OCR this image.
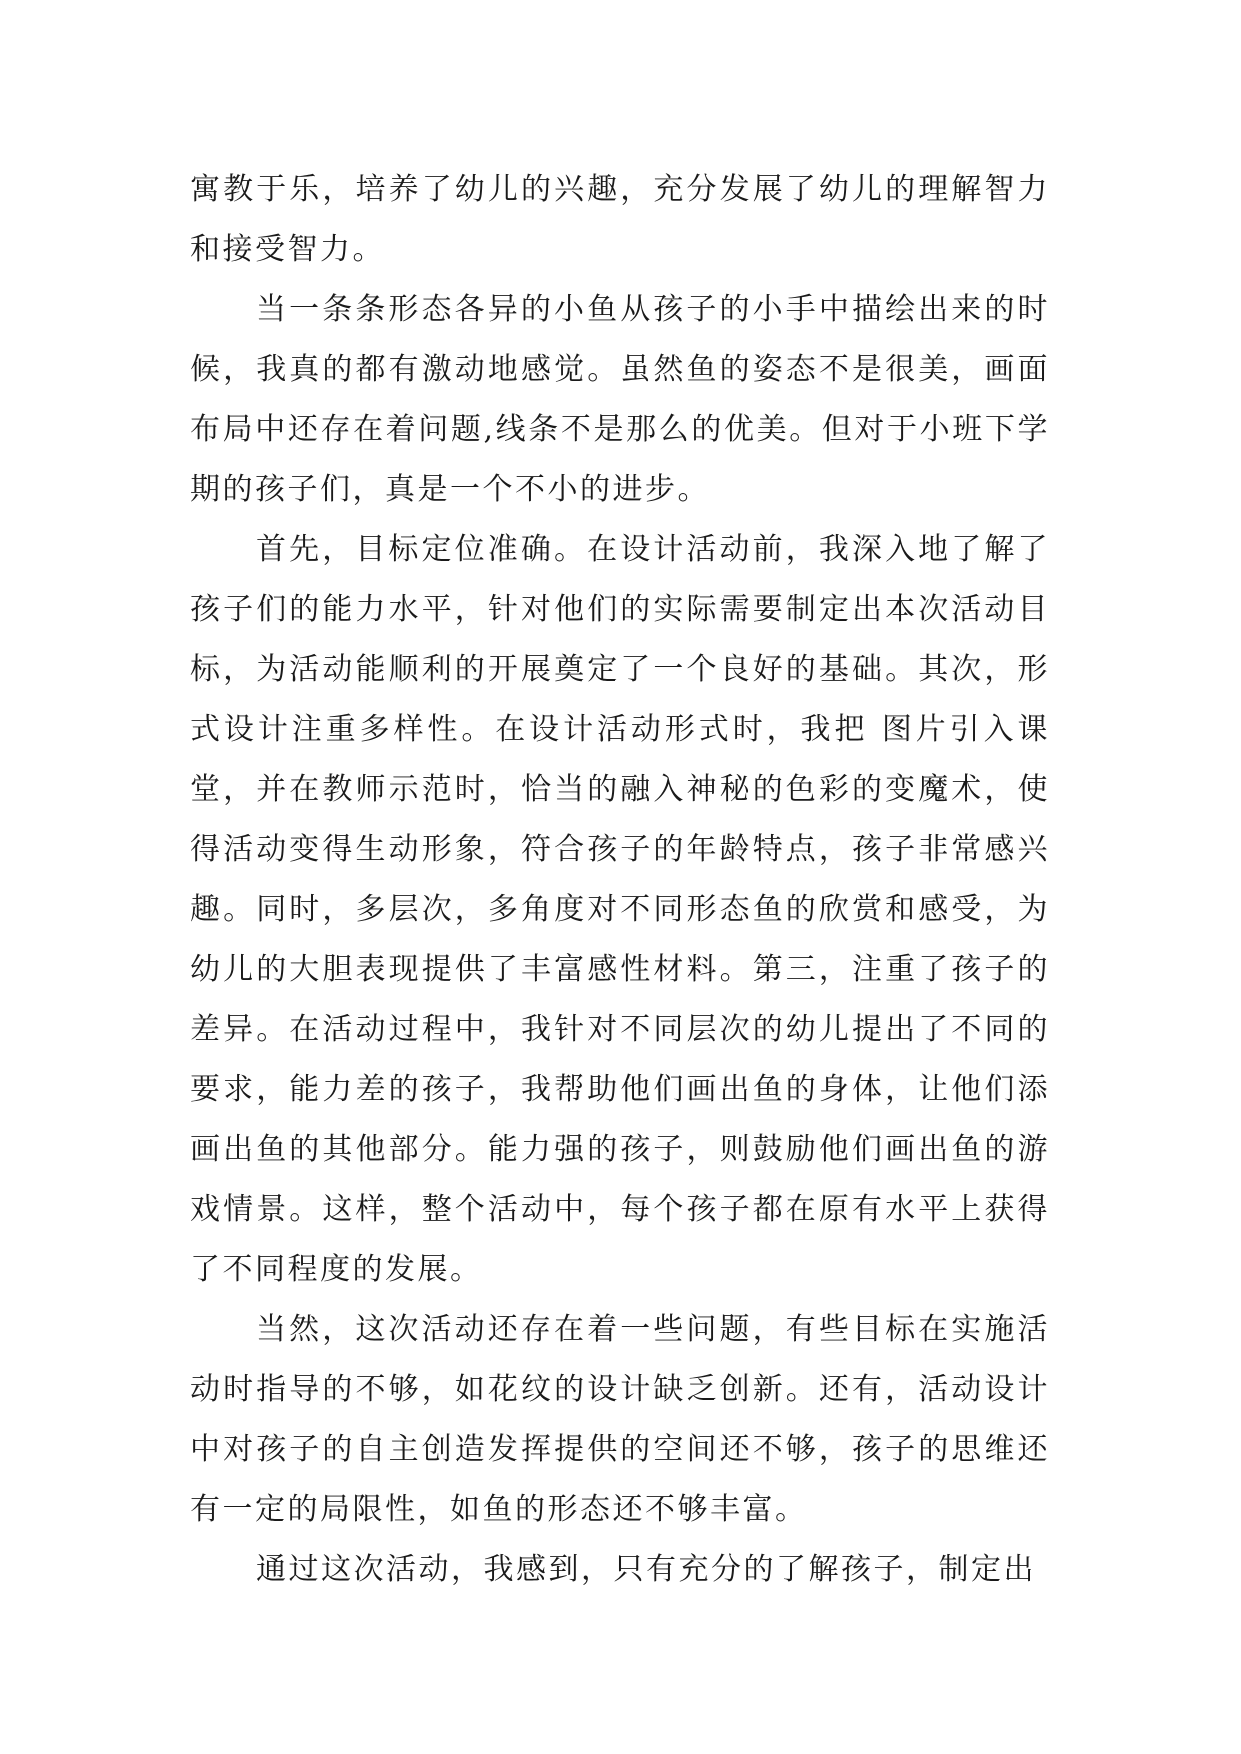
寓教于乐，培养了幼儿的兴趣，充分发展了幼儿的理解智力和接受智力。

当一条条形态各异的小鱼从孩子的小手中描绘出来的时候，我真的都有激动地感觉。虽然鱼的姿态不是很美，画面布局中还存在着问题,线条不是那么的优美。但对于小班下学期的孩子们，真是一个不小的进步。

首先，目标定位准确。在设计活动前，我深入地了解了孩子们的能力水平，针对他们的实际需要制定出本次活动目标，为活动能顺利的开展奠定了一个良好的基础。其次，形式设计注重多样性。在设计活动形式时，我把 图片引入课堂，并在教师示范时，恰当的融入神秘的色彩的变魔术，使得活动变得生动形象，符合孩子的年龄特点，孩子非常感兴趣。同时，多层次，多角度对不同形态鱼的欣赏和感受，为幼儿的大胆表现提供了丰富感性材料。第三，注重了孩子的差异。在活动过程中，我针对不同层次的幼儿提出了不同的要求，能力差的孩子，我帮助他们画出鱼的身体，让他们添画出鱼的其他部分。能力强的孩子，则鼓励他们画出鱼的游戏情景。这样，整个活动中，每个孩子都在原有水平上获得了不同程度的发展。

当然，这次活动还存在着一些问题，有些目标在实施活动时指导的不够，如花纹的设计缺乏创新。还有，活动设计中对孩子的自主创造发挥提供的空间还不够，孩子的思维还有一定的局限性，如鱼的形态还不够丰富。

通过这次活动，我感到，只有充分的了解孩子，制定出
